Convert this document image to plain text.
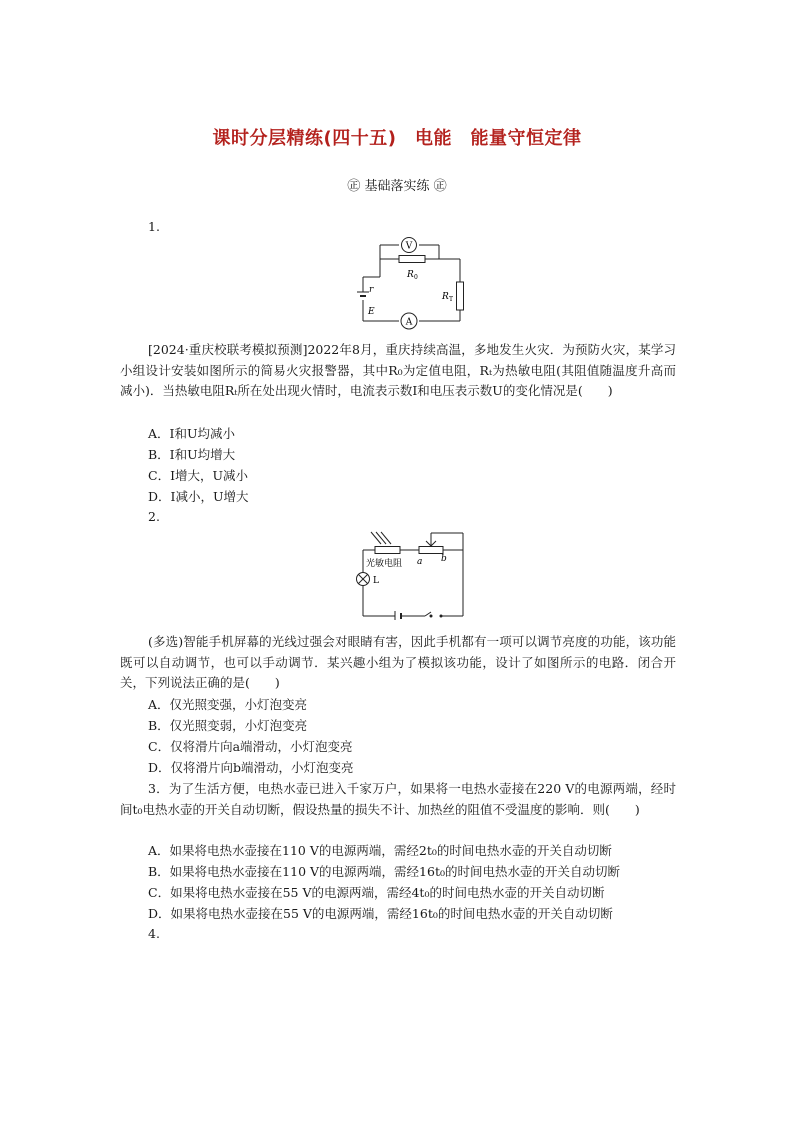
课时分层精练(四十五)　电能　能量守恒定律
㊣ 基础落实练 ㊣
1.
V
R 0
R T
r
E
A
[2024·重庆校联考模拟预测]2022年8月，重庆持续高温，多地发生火灾．为预防火灾，某学习小组设计安装如图所示的简易火灾报警器，其中R₀为定值电阻，Rₜ为热敏电阻(其阻值随温度升高而减小)．当热敏电阻Rₜ所在处出现火情时，电流表示数I和电压表示数U的变化情况是(　　)
A．I和U均减小
B．I和U均增大
C．I增大，U减小
D．I减小，U增大
2.
光敏电阻 a b
L
(多选)智能手机屏幕的光线过强会对眼睛有害，因此手机都有一项可以调节亮度的功能，该功能既可以自动调节，也可以手动调节．某兴趣小组为了模拟该功能，设计了如图所示的电路．闭合开关，下列说法正确的是(　　)
A．仅光照变强，小灯泡变亮
B．仅光照变弱，小灯泡变亮
C．仅将滑片向a端滑动，小灯泡变亮
D．仅将滑片向b端滑动，小灯泡变亮
3．为了生活方便，电热水壶已进入千家万户，如果将一电热水壶接在220 V的电源两端，经时间t₀电热水壶的开关自动切断，假设热量的损失不计、加热丝的阻值不受温度的影响．则(　　)
A．如果将电热水壶接在110 V的电源两端，需经2t₀的时间电热水壶的开关自动切断
B．如果将电热水壶接在110 V的电源两端，需经16t₀的时间电热水壶的开关自动切断
C．如果将电热水壶接在55 V的电源两端，需经4t₀的时间电热水壶的开关自动切断
D．如果将电热水壶接在55 V的电源两端，需经16t₀的时间电热水壶的开关自动切断
4.
